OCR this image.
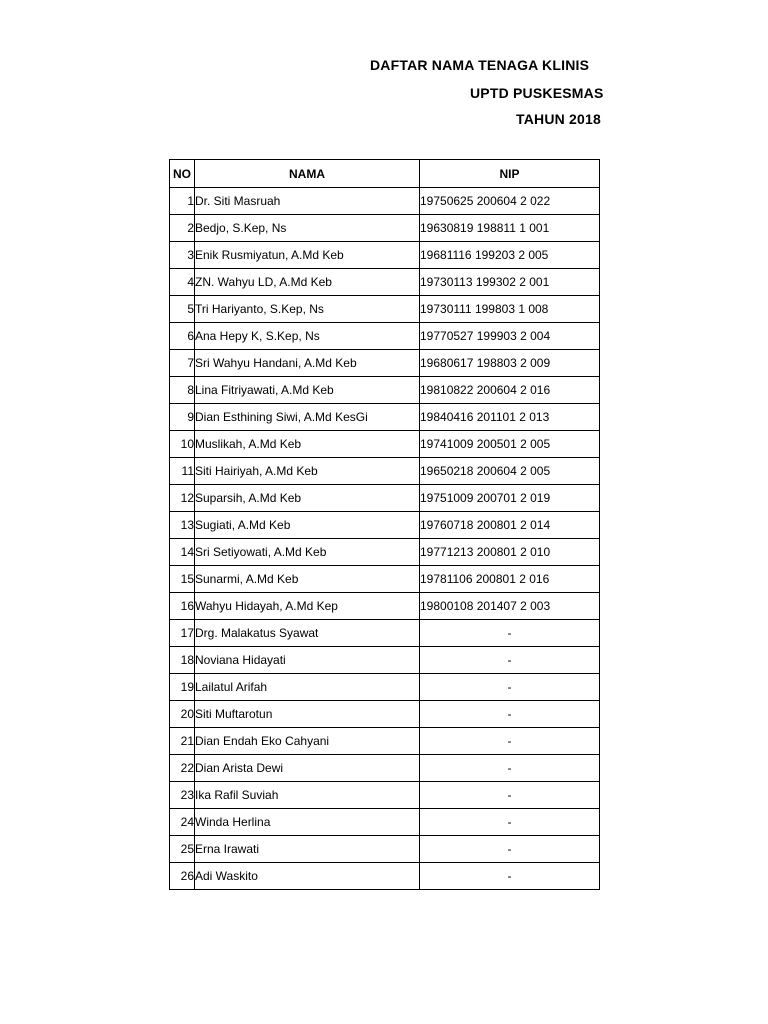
DAFTAR NAMA TENAGA KLINIS
UPTD PUSKESMAS
TAHUN 2018
NO	NAMA	NIP
1	Dr. Siti Masruah	19750625 200604 2 022
2	Bedjo, S.Kep, Ns	19630819 198811 1 001
3	Enik Rusmiyatun, A.Md Keb	19681116 199203 2 005
4	ZN. Wahyu LD, A.Md Keb	19730113 199302 2 001
5	Tri Hariyanto, S.Kep, Ns	19730111 199803 1 008
6	Ana Hepy K, S.Kep, Ns	19770527 199903 2 004
7	Sri Wahyu Handani, A.Md Keb	19680617 198803 2 009
8	Lina Fitriyawati, A.Md Keb	19810822 200604 2 016
9	Dian Esthining Siwi, A.Md KesGi	19840416 201101 2 013
10	Muslikah, A.Md Keb	19741009 200501 2 005
11	Siti Hairiyah, A.Md Keb	19650218 200604 2 005
12	Suparsih, A.Md Keb	19751009 200701 2 019
13	Sugiati, A.Md Keb	19760718 200801 2 014
14	Sri Setiyowati, A.Md Keb	19771213 200801 2 010
15	Sunarmi, A.Md Keb	19781106 200801 2 016
16	Wahyu Hidayah, A.Md Kep	19800108 201407 2 003
17	Drg. Malakatus Syawat	-
18	Noviana Hidayati	-
19	Lailatul Arifah	-
20	Siti Muftarotun	-
21	Dian Endah Eko Cahyani	-
22	Dian Arista Dewi	-
23	Ika Rafil Suviah	-
24	Winda Herlina	-
25	Erna Irawati	-
26	Adi Waskito	-
